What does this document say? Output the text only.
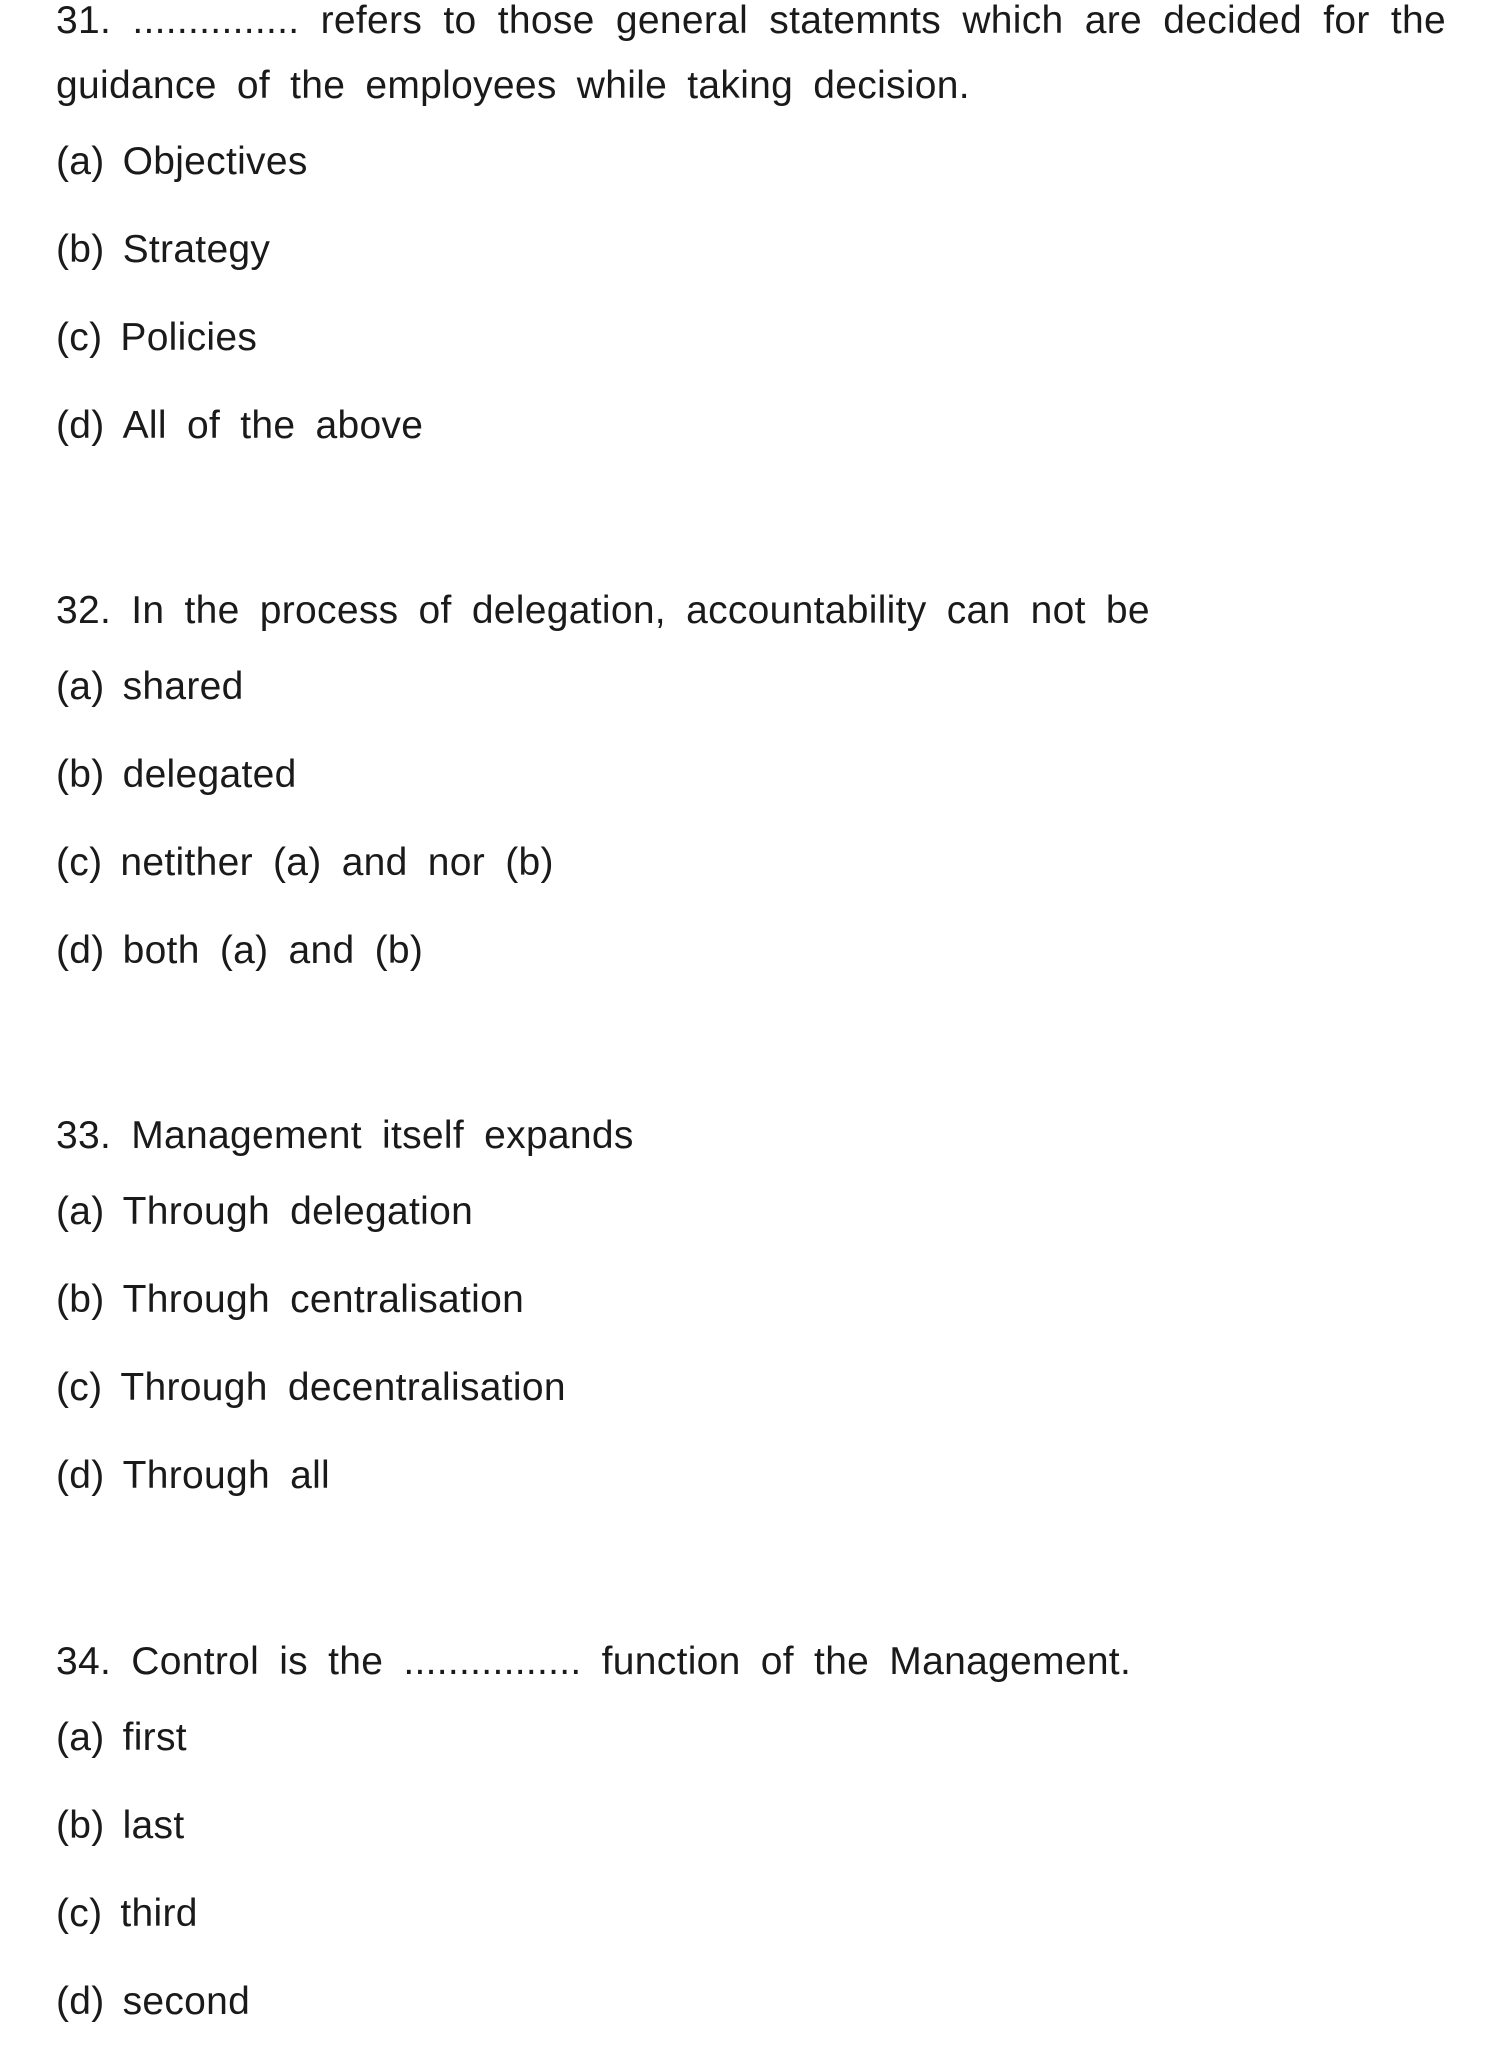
31. ............... refers to those general statemnts which are decided for the guidance of the employees while taking decision.

(a) Objectives
(b) Strategy
(c) Policies
(d) All of the above

32. In the process of delegation, accountability can not be

(a) shared
(b) delegated
(c) netither (a) and nor (b)
(d) both (a) and (b)

33. Management itself expands

(a) Through delegation
(b) Through centralisation
(c) Through decentralisation
(d) Through all

34. Control is the ................ function of the Management.

(a) first
(b) last
(c) third
(d) second
